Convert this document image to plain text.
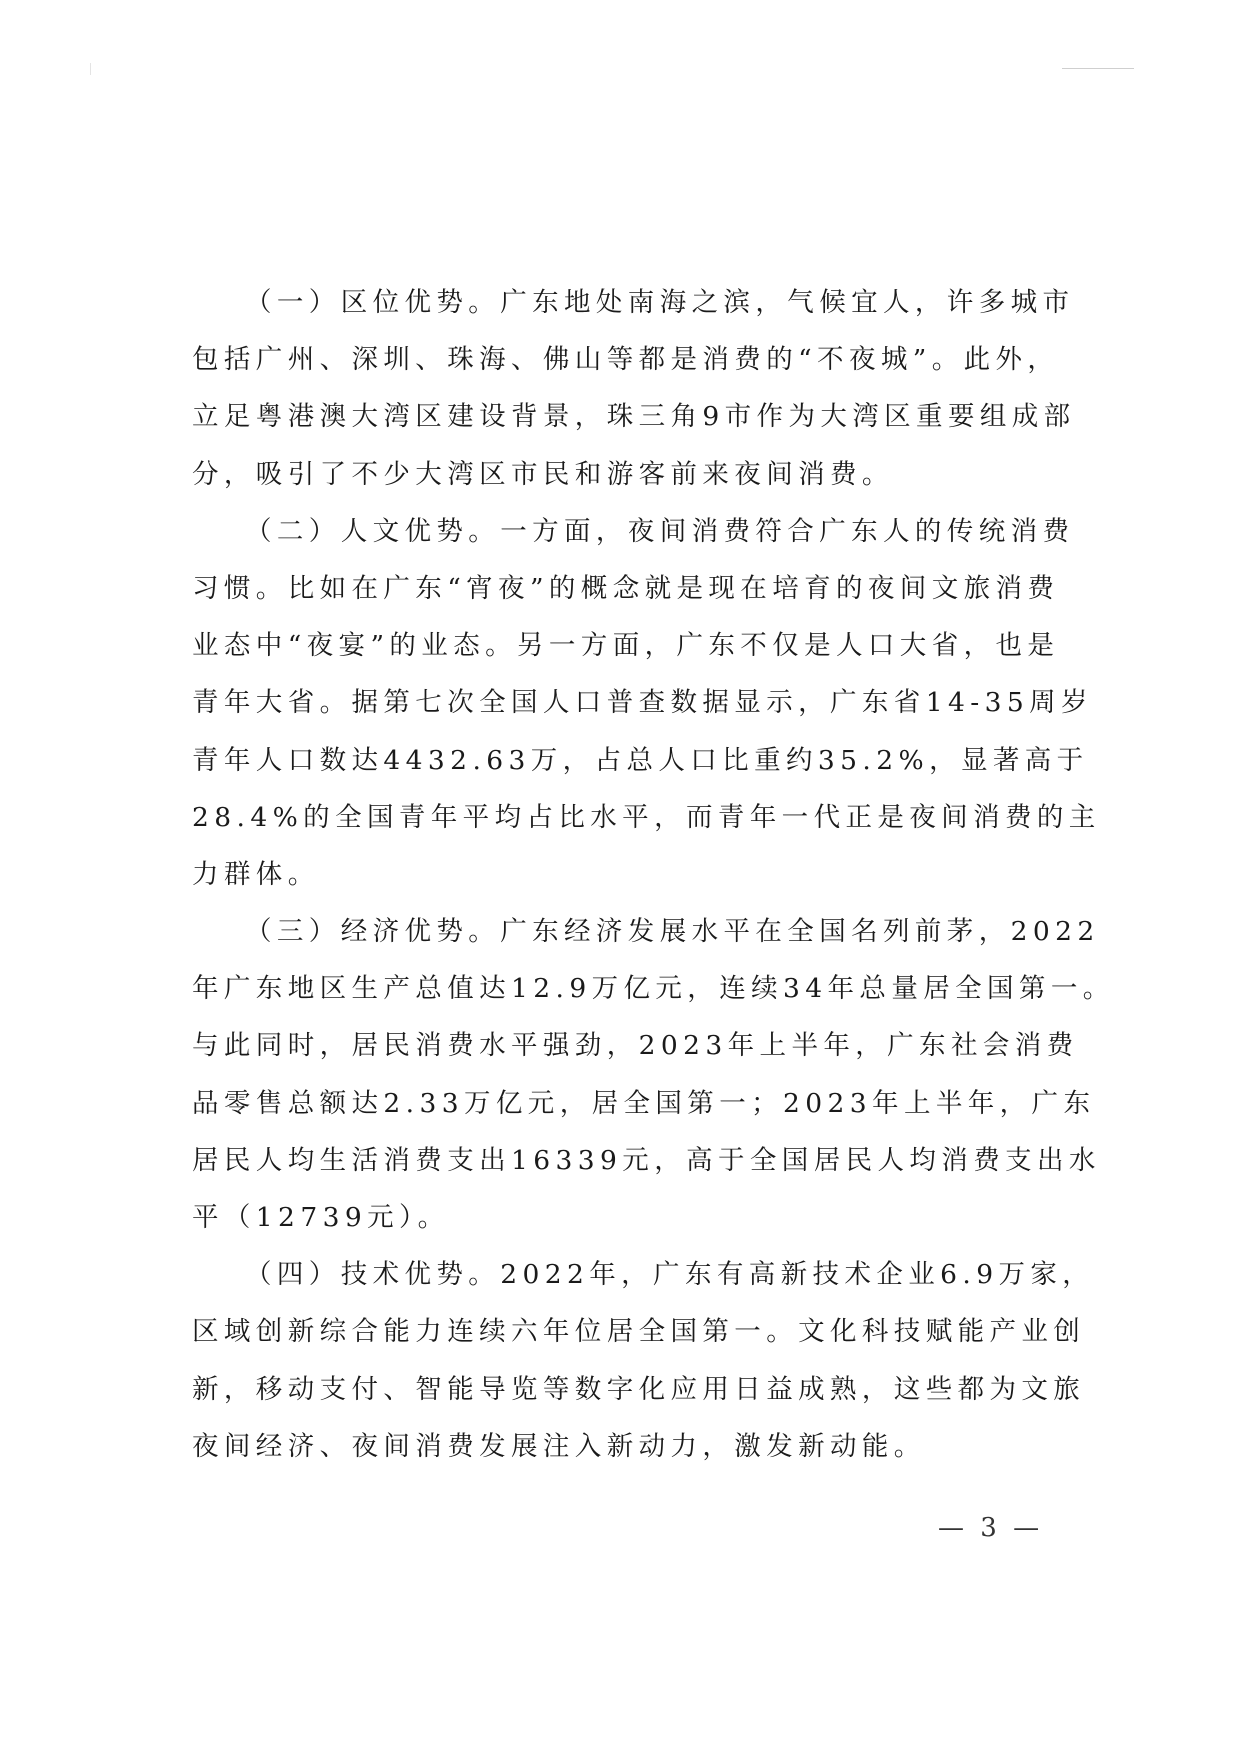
（一）区位优势。广东地处南海之滨，气候宜人，许多城市
包括广州、深圳、珠海、佛山等都是消费的“不夜城”。此外，
立足粤港澳大湾区建设背景，珠三角9市作为大湾区重要组成部
分，吸引了不少大湾区市民和游客前来夜间消费。
（二）人文优势。一方面，夜间消费符合广东人的传统消费
习惯。比如在广东“宵夜”的概念就是现在培育的夜间文旅消费
业态中“夜宴”的业态。另一方面，广东不仅是人口大省，也是
青年大省。据第七次全国人口普查数据显示，广东省14-35周岁
青年人口数达4432.63万，占总人口比重约35.2%，显著高于
28.4%的全国青年平均占比水平，而青年一代正是夜间消费的主
力群体。
（三）经济优势。广东经济发展水平在全国名列前茅，2022
年广东地区生产总值达12.9万亿元，连续34年总量居全国第一。
与此同时，居民消费水平强劲，2023年上半年，广东社会消费
品零售总额达2.33万亿元，居全国第一；2023年上半年，广东
居民人均生活消费支出16339元，高于全国居民人均消费支出水
平（12739元）。
（四）技术优势。2022年，广东有高新技术企业6.9万家，
区域创新综合能力连续六年位居全国第一。文化科技赋能产业创
新，移动支付、智能导览等数字化应用日益成熟，这些都为文旅
夜间经济、夜间消费发展注入新动力，激发新动能。
— 3 —
